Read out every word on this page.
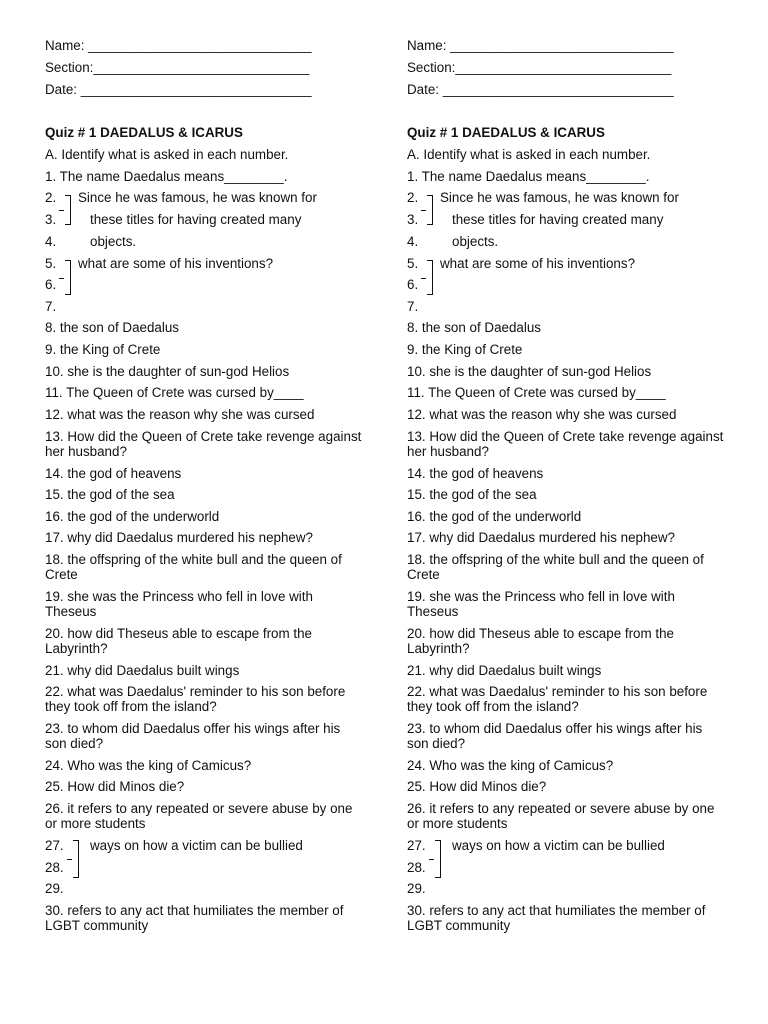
Name: ______________________________
Section:_____________________________
Date: _______________________________
Quiz # 1 DAEDALUS & ICARUS
A. Identify what is asked in each number.
1. The name Daedalus means________.
2. Since he was famous, he was known for
3.	these titles for having created many
4.	objects.
5. what are some of his inventions?
6.
7.
8. the son of Daedalus
9. the King of Crete
10. she is the daughter of sun-god Helios
11. The Queen of Crete was cursed by____
12. what was the reason why she was cursed
13. How did the Queen of Crete take revenge against her husband?
14. the god of heavens
15. the god of the sea
16. the god of the underworld
17. why did Daedalus murdered his nephew?
18. the offspring of the white bull and the queen of Crete
19. she was the Princess who fell in love with Theseus
20. how did Theseus able to escape from the Labyrinth?
21. why did Daedalus built wings
22. what was Daedalus' reminder to his son before they took off from the island?
23. to whom did Daedalus offer his wings after his son died?
24. Who was the king of Camicus?
25. How did Minos die?
26. it refers to any repeated or severe abuse by one or more students
27. ways on how a victim can be bullied
28.
29.
30. refers to any act that humiliates the member of LGBT community
Name: ______________________________
Section:_____________________________
Date: _______________________________
Quiz # 1 DAEDALUS & ICARUS
A. Identify what is asked in each number.
1. The name Daedalus means________.
2. Since he was famous, he was known for
3.	these titles for having created many
4.	objects.
5. what are some of his inventions?
6.
7.
8. the son of Daedalus
9. the King of Crete
10. she is the daughter of sun-god Helios
11. The Queen of Crete was cursed by____
12. what was the reason why she was cursed
13. How did the Queen of Crete take revenge against her husband?
14. the god of heavens
15. the god of the sea
16. the god of the underworld
17. why did Daedalus murdered his nephew?
18. the offspring of the white bull and the queen of Crete
19. she was the Princess who fell in love with Theseus
20. how did Theseus able to escape from the Labyrinth?
21. why did Daedalus built wings
22. what was Daedalus' reminder to his son before they took off from the island?
23. to whom did Daedalus offer his wings after his son died?
24. Who was the king of Camicus?
25. How did Minos die?
26. it refers to any repeated or severe abuse by one or more students
27. ways on how a victim can be bullied
28.
29.
30. refers to any act that humiliates the member of LGBT community
